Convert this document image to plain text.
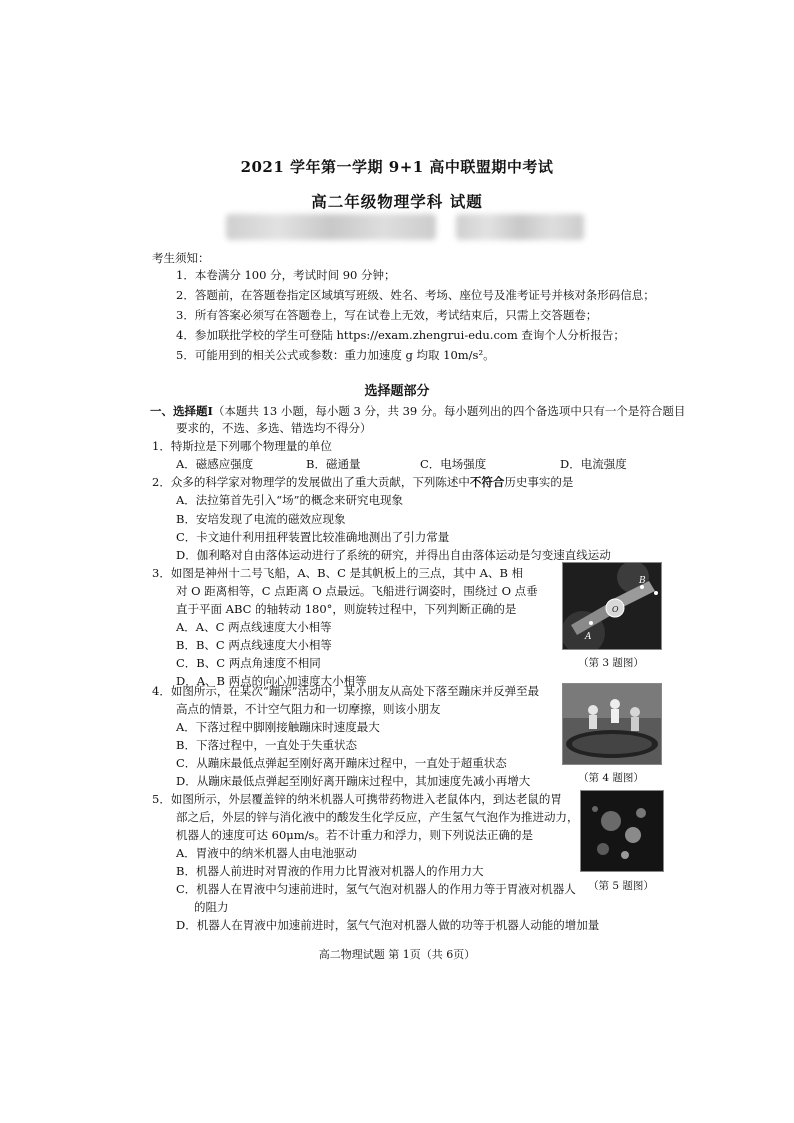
2021 学年第一学期 9+1 高中联盟期中考试
高二年级物理学科 试题
考生须知：
1．本卷满分 100 分，考试时间 90 分钟；
2．答题前，在答题卷指定区域填写班级、姓名、考场、座位号及准考证号并核对条形码信息；
3．所有答案必须写在答题卷上，写在试卷上无效，考试结束后，只需上交答题卷；
4．参加联批学校的学生可登陆 https://exam.zhengrui-edu.com 查询个人分析报告；
5．可能用到的相关公式或参数：重力加速度 g 均取 10m/s²。
选择题部分
一、选择题Ⅰ（本题共 13 小题，每小题 3 分，共 39 分。每小题列出的四个备选项中只有一个是符合题目
要求的，不选、多选、错选均不得分）
1．特斯拉是下列哪个物理量的单位
A．磁感应强度	B．磁通量	C．电场强度	D．电流强度
2．众多的科学家对物理学的发展做出了重大贡献，下列陈述中不符合历史事实的是
A．法拉第首先引入“场”的概念来研究电现象
B．安培发现了电流的磁效应现象
C．卡文迪什利用扭秤装置比较准确地测出了引力常量
D．伽利略对自由落体运动进行了系统的研究，并得出自由落体运动是匀变速直线运动
3．如图是神州十二号飞船，A、B、C 是其帆板上的三点，其中 A、B 相
对 O 距离相等，C 点距离 O 点最远。飞船进行调姿时，围绕过 O 点垂
直于平面 ABC 的轴转动 180°，则旋转过程中，下列判断正确的是
A．A、C 两点线速度大小相等
B．B、C 两点线速度大小相等
C．B、C 两点角速度不相同
D．A、B 两点的向心加速度大小相等
B
A
O
（第 3 题图）
4．如图所示，在某次“蹦床”活动中，某小朋友从高处下落至蹦床并反弹至最
高点的情景，不计空气阻力和一切摩擦，则该小朋友
A．下落过程中脚刚接触蹦床时速度最大
B．下落过程中，一直处于失重状态
C．从蹦床最低点弹起至刚好离开蹦床过程中，一直处于超重状态
D．从蹦床最低点弹起至刚好离开蹦床过程中，其加速度先减小再增大	（第 4 题图）
5．如图所示，外层覆盖锌的纳米机器人可携带药物进入老鼠体内，到达老鼠的胃
部之后，外层的锌与消化液中的酸发生化学反应，产生氢气气泡作为推进动力，
机器人的速度可达 60μm/s。若不计重力和浮力，则下列说法正确的是
A．胃液中的纳米机器人由电池驱动
B．机器人前进时对胃液的作用力比胃液对机器人的作用力大
C．机器人在胃液中匀速前进时，氢气气泡对机器人的作用力等于胃液对机器人
的阻力
D．机器人在胃液中加速前进时，氢气气泡对机器人做的功等于机器人动能的增加量
（第 5 题图）
高二物理试题 第 1页（共 6页）
